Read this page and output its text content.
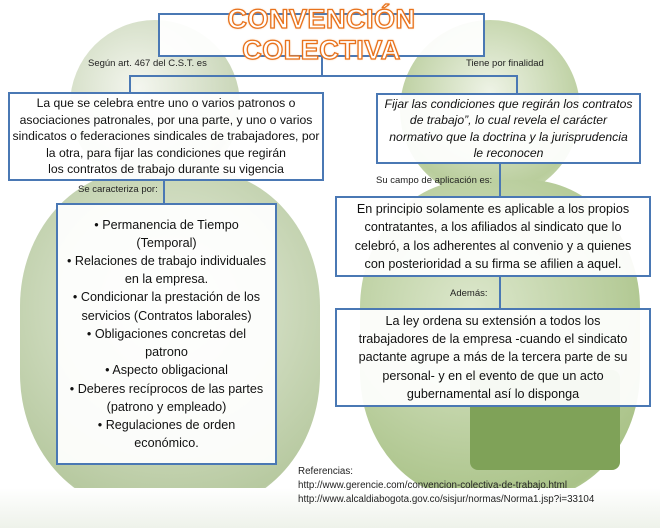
CONVENCIÓN COLECTIVA
Según art. 467 del C.S.T. es	Tiene por finalidad
La que se celebra entre uno o varios patronos o
asociaciones patronales, por una parte, y uno o varios
sindicatos o federaciones sindicales de trabajadores, por
la otra, para fijar las condiciones que regirán
los contratos de trabajo durante su vigencia
Fijar las condiciones que regirán los contratos
de trabajo”, lo cual revela el carácter
normativo que la doctrina y la jurisprudencia
le reconocen
Se caracteriza por:
Su campo de aplicación es:
• Permanencia de Tiempo (Temporal)
• Relaciones de trabajo individuales en la empresa.
• Condicionar la prestación de los servicios (Contratos laborales)
• Obligaciones concretas del patrono
• Aspecto obligacional
• Deberes recíprocos de las partes (patrono y empleado)
• Regulaciones de orden económico.
En principio solamente es aplicable a los propios
contratantes, a los afiliados al sindicato que lo
celebró, a los adherentes al convenio y a quienes
con posterioridad a su firma se afilien a aquel.
Además:
La ley ordena su extensión a todos los
trabajadores de la empresa -cuando el sindicato
pactante agrupe a más de la tercera parte de su
personal- y en el evento de que un acto
gubernamental así lo disponga
Referencias:
http://www.gerencie.com/convencion-colectiva-de-trabajo.html
http://www.alcaldiabogota.gov.co/sisjur/normas/Norma1.jsp?i=33104
